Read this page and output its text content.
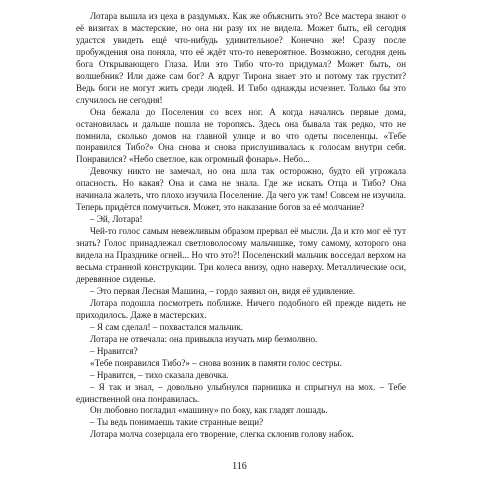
Лотара вышла из цеха в раздумьях. Как же объяснить это? Все мастера знают о её визитах в мастерские, но она ни разу их не видела. Может быть, ей сегодня удастся увидеть ещё что-нибудь удивительное? Конечно же! Сразу после пробуждения она поняла, что её ждёт что-то невероятное. Возможно, сегодня день бога Открывающего Глаза. Или это Тибо что-то придумал? Может быть, он волшебник? Или даже сам бог? А вдруг Тирона знает это и потому так грустит? Ведь боги не могут жить среди людей. И Тибо однажды исчезнет. Только бы это случилось не сегодня!

Она бежала до Поселения со всех ног. А когда начались первые дома, остановилась и дальше пошла не торопясь. Здесь она бывала так редко, что не помнила, сколько домов на главной улице и во что одеты поселенцы. «Тебе понравился Тибо?» Она снова и снова прислушивалась к голосам внутри себя. Понравился? «Небо светлое, как огромный фонарь». Небо...

Девочку никто не замечал, но она шла так осторожно, будто ей угрожала опасность. Но какая? Она и сама не знала. Где же искать Отца и Тибо? Она начинала жалеть, что плохо изучила Поселение. Да чего уж там! Совсем не изучила. Теперь придётся помучиться. Может, это наказание богов за её молчание?

– Эй, Лотара!

Чей-то голос самым невежливым образом прервал её мысли. Да и кто мог её тут знать? Голос принадлежал светловолосому мальчишке, тому самому, которого она видела на Празднике огней... Но что это?! Поселенский мальчик восседал верхом на весьма странной конструкции. Три колеса внизу, одно наверху. Металлические оси, деревянное сиденье.

– Это первая Лесная Машина, – гордо заявил он, видя её удивление.

Лотара подошла посмотреть поближе. Ничего подобного ей прежде видеть не приходилось. Даже в мастерских.

– Я сам сделал! – похвастался мальчик.

Лотара не отвечала: она привыкла изучать мир безмолвно.

– Нравится?

«Тебе понравился Тибо?» – снова возник в памяти голос сестры.

– Нравится, – тихо сказала девочка.

– Я так и знал, – довольно улыбнулся парнишка и спрыгнул на мох. – Тебе единственной она понравилась.

Он любовно погладил «машину» по боку, как гладят лошадь.

– Ты ведь понимаешь такие странные вещи?

Лотара молча созерцала его творение, слегка склонив голову набок.

116
